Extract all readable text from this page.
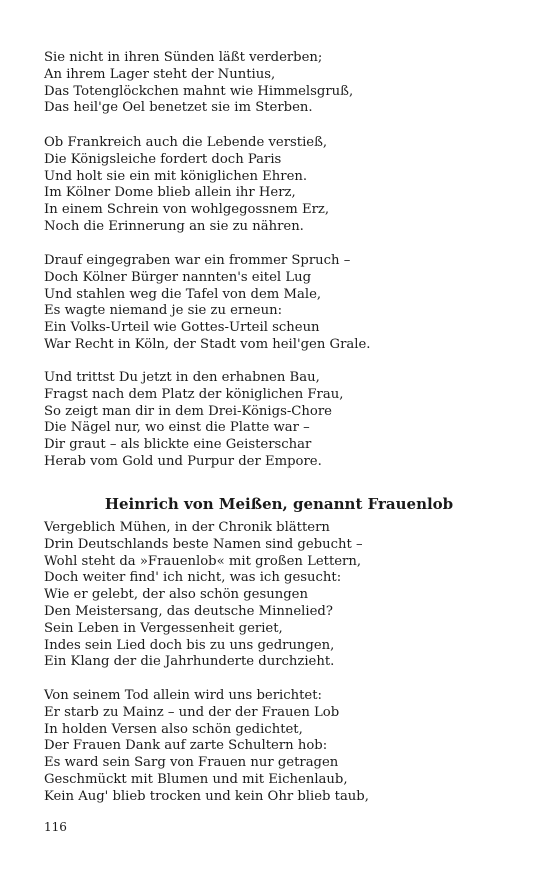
Sie nicht in ihren Sünden läßt verderben;
An ihrem Lager steht der Nuntius,
Das Totenglöckchen mahnt wie Himmelsgruß,
Das heil'ge Oel benetzet sie im Sterben.
Ob Frankreich auch die Lebende verstieß,
Die Königsleiche fordert doch Paris
Und holt sie ein mit königlichen Ehren.
Im Kölner Dome blieb allein ihr Herz,
In einem Schrein von wohlgegossnem Erz,
Noch die Erinnerung an sie zu nähren.
Drauf eingegraben war ein frommer Spruch –
Doch Kölner Bürger nannten's eitel Lug
Und stahlen weg die Tafel von dem Male,
Es wagte niemand je sie zu erneun:
Ein Volks-Urteil wie Gottes-Urteil scheun
War Recht in Köln, der Stadt vom heil'gen Grale.
Und trittst Du jetzt in den erhabnen Bau,
Fragst nach dem Platz der königlichen Frau,
So zeigt man dir in dem Drei-Königs-Chore
Die Nägel nur, wo einst die Platte war –
Dir graut – als blickte eine Geisterschar
Herab vom Gold und Purpur der Empore.
Heinrich von Meißen, genannt Frauenlob
Vergeblich Mühen, in der Chronik blättern
Drin Deutschlands beste Namen sind gebucht –
Wohl steht da »Frauenlob« mit großen Lettern,
Doch weiter find' ich nicht, was ich gesucht:
Wie er gelebt, der also schön gesungen
Den Meistersang, das deutsche Minnelied?
Sein Leben in Vergessenheit geriet,
Indes sein Lied doch bis zu uns gedrungen,
Ein Klang der die Jahrhunderte durchzieht.
Von seinem Tod allein wird uns berichtet:
Er starb zu Mainz – und der der Frauen Lob
In holden Versen also schön gedichtet,
Der Frauen Dank auf zarte Schultern hob:
Es ward sein Sarg von Frauen nur getragen
Geschmückt mit Blumen und mit Eichenlaub,
Kein Aug' blieb trocken und kein Ohr blieb taub,
116
